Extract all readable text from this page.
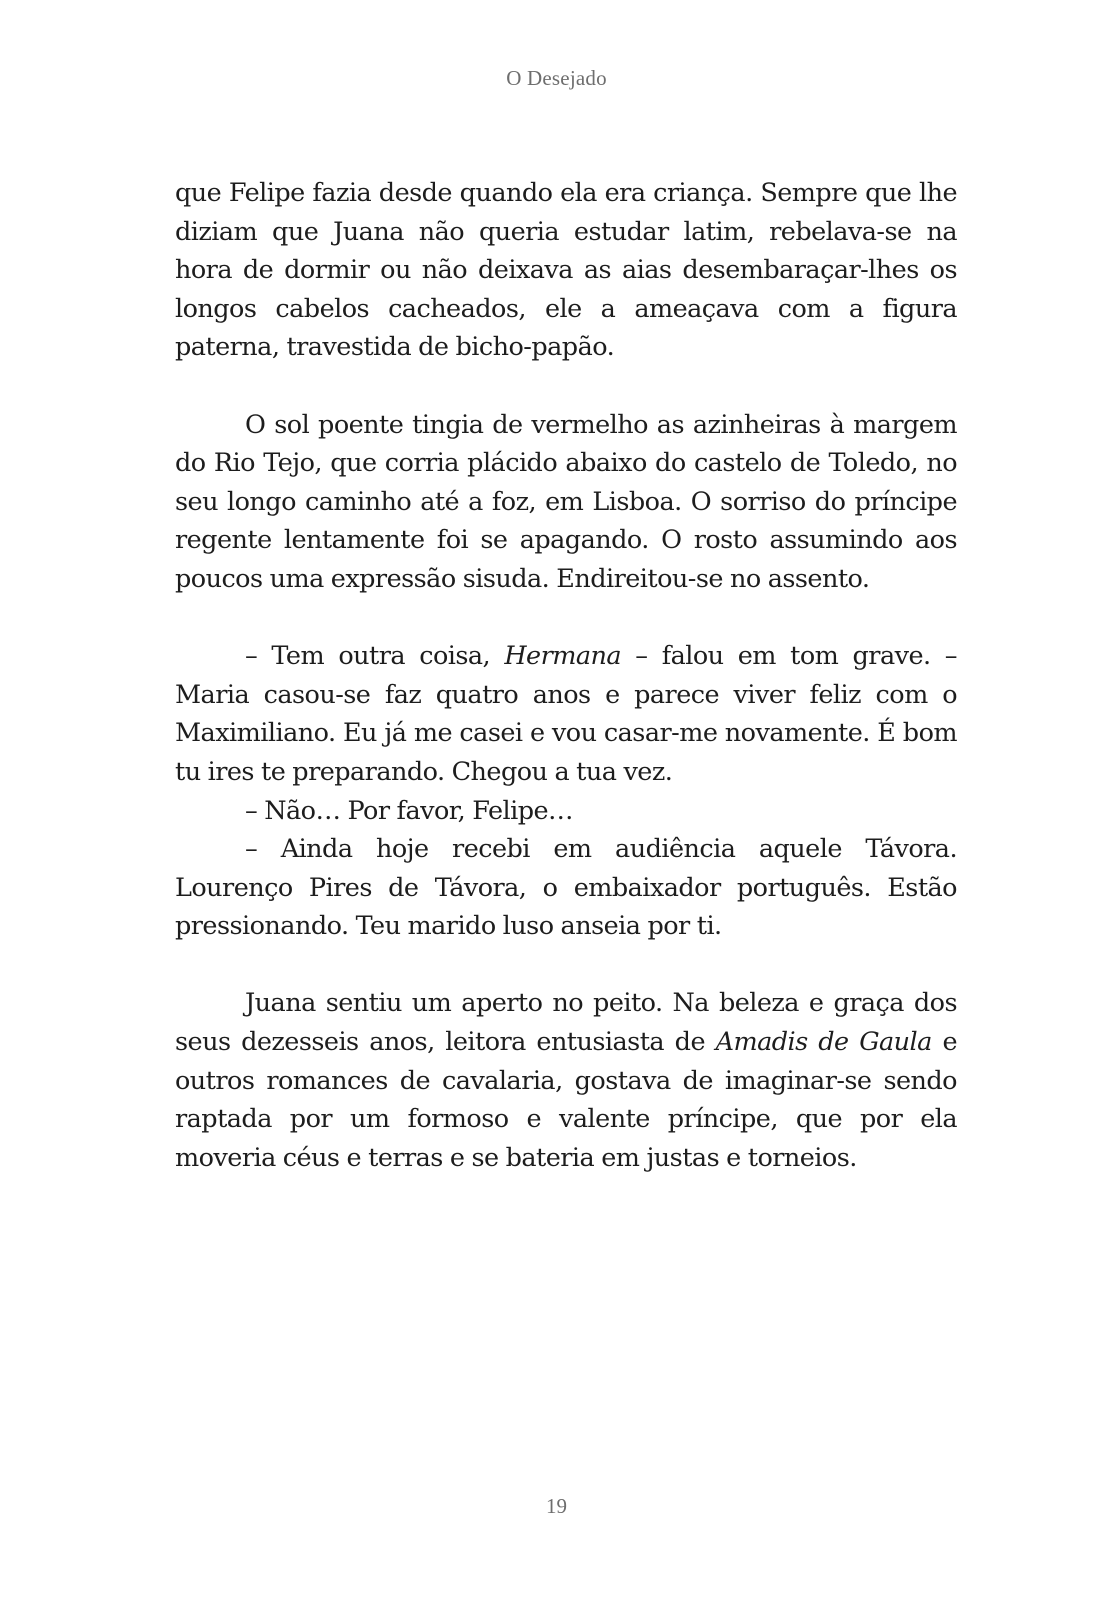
O Desejado

que Felipe fazia desde quando ela era criança. Sempre que lhe diziam que Juana não queria estudar latim, rebelava-se na hora de dormir ou não deixava as aias desembaraçar-lhes os longos cabelos cacheados, ele a ameaçava com a figura paterna, travestida de bicho-papão.

O sol poente tingia de vermelho as azinheiras à margem do Rio Tejo, que corria plácido abaixo do castelo de Toledo, no seu longo caminho até a foz, em Lisboa. O sorriso do príncipe regente lentamente foi se apagando. O rosto assumindo aos poucos uma expressão sisuda. Endireitou-se no assento.

– Tem outra coisa, Hermana – falou em tom grave. – Maria casou-se faz quatro anos e parece viver feliz com o Maximiliano. Eu já me casei e vou casar-me novamente. É bom tu ires te preparando. Chegou a tua vez.

– Não… Por favor, Felipe…

– Ainda hoje recebi em audiência aquele Távora. Lourenço Pires de Távora, o embaixador português. Estão pressionando. Teu marido luso anseia por ti.

Juana sentiu um aperto no peito. Na beleza e graça dos seus dezesseis anos, leitora entusiasta de Amadis de Gaula e outros romances de cavalaria, gostava de imaginar-se sendo raptada por um formoso e valente príncipe, que por ela moveria céus e terras e se bateria em justas e torneios.

19
